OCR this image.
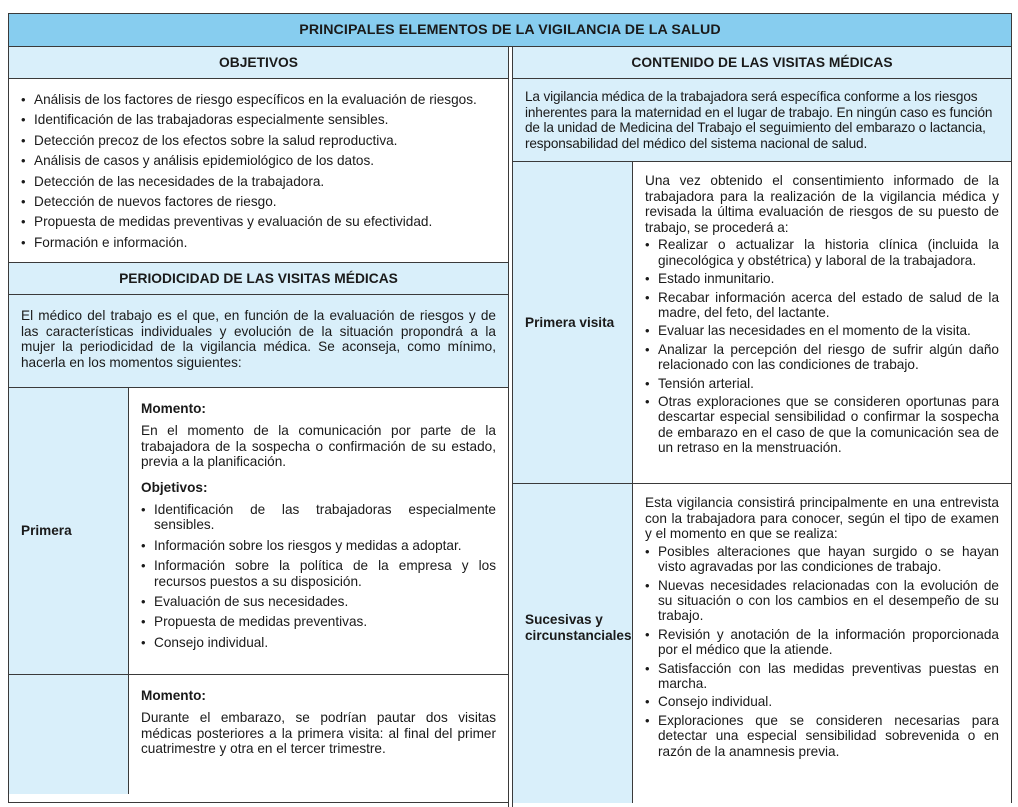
PRINCIPALES ELEMENTOS DE LA VIGILANCIA DE LA SALUD
OBJETIVOS
• Análisis de los factores de riesgo específicos en la evaluación de riesgos.
• Identificación de las trabajadoras especialmente sensibles.
• Detección precoz de los efectos sobre la salud reproductiva.
• Análisis de casos y análisis epidemiológico de los datos.
• Detección de las necesidades de la trabajadora.
• Detección de nuevos factores de riesgo.
• Propuesta de medidas preventivas y evaluación de su efectividad.
• Formación e información.
PERIODICIDAD DE LAS VISITAS MÉDICAS
El médico del trabajo es el que, en función de la evaluación de riesgos y de las características individuales y evolución de la situación propondrá a la mujer la periodicidad de la vigilancia médica. Se aconseja, como mínimo, hacerla en los momentos siguientes:
Primera
Momento:
En el momento de la comunicación por parte de la trabajadora de la sospecha o confirmación de su estado, previa a la planificación.
Objetivos:
• Identificación de las trabajadoras especialmente sensibles.
• Información sobre los riesgos y medidas a adoptar.
• Información sobre la política de la empresa y los recursos puestos a su disposición.
• Evaluación de sus necesidades.
• Propuesta de medidas preventivas.
• Consejo individual.
Momento:
Durante el embarazo, se podrían pautar dos visitas médicas posteriores a la primera visita: al final del primer cuatrimestre y otra en el tercer trimestre.
CONTENIDO DE LAS VISITAS MÉDICAS
La vigilancia médica de la trabajadora será específica conforme a los riesgos inherentes para la maternidad en el lugar de trabajo. En ningún caso es función de la unidad de Medicina del Trabajo el seguimiento del embarazo o lactancia, responsabilidad del médico del sistema nacional de salud.
Primera visita
Una vez obtenido el consentimiento informado de la trabajadora para la realización de la vigilancia médica y revisada la última evaluación de riesgos de su puesto de trabajo, se procederá a:
• Realizar o actualizar la historia clínica (incluida la ginecológica y obstétrica) y laboral de la trabajadora.
• Estado inmunitario.
• Recabar información acerca del estado de salud de la madre, del feto, del lactante.
• Evaluar las necesidades en el momento de la visita.
• Analizar la percepción del riesgo de sufrir algún daño relacionado con las condiciones de trabajo.
• Tensión arterial.
• Otras exploraciones que se consideren oportunas para descartar especial sensibilidad o confirmar la sospecha de embarazo en el caso de que la comunicación sea de un retraso en la menstruación.
Sucesivas y circunstanciales
Esta vigilancia consistirá principalmente en una entrevista con la trabajadora para conocer, según el tipo de examen y el momento en que se realiza:
• Posibles alteraciones que hayan surgido o se hayan visto agravadas por las condiciones de trabajo.
• Nuevas necesidades relacionadas con la evolución de su situación o con los cambios en el desempeño de su trabajo.
• Revisión y anotación de la información proporcionada por el médico que la atiende.
• Satisfacción con las medidas preventivas puestas en marcha.
• Consejo individual.
• Exploraciones que se consideren necesarias para detectar una especial sensibilidad sobrevenida o en razón de la anamnesis previa.
